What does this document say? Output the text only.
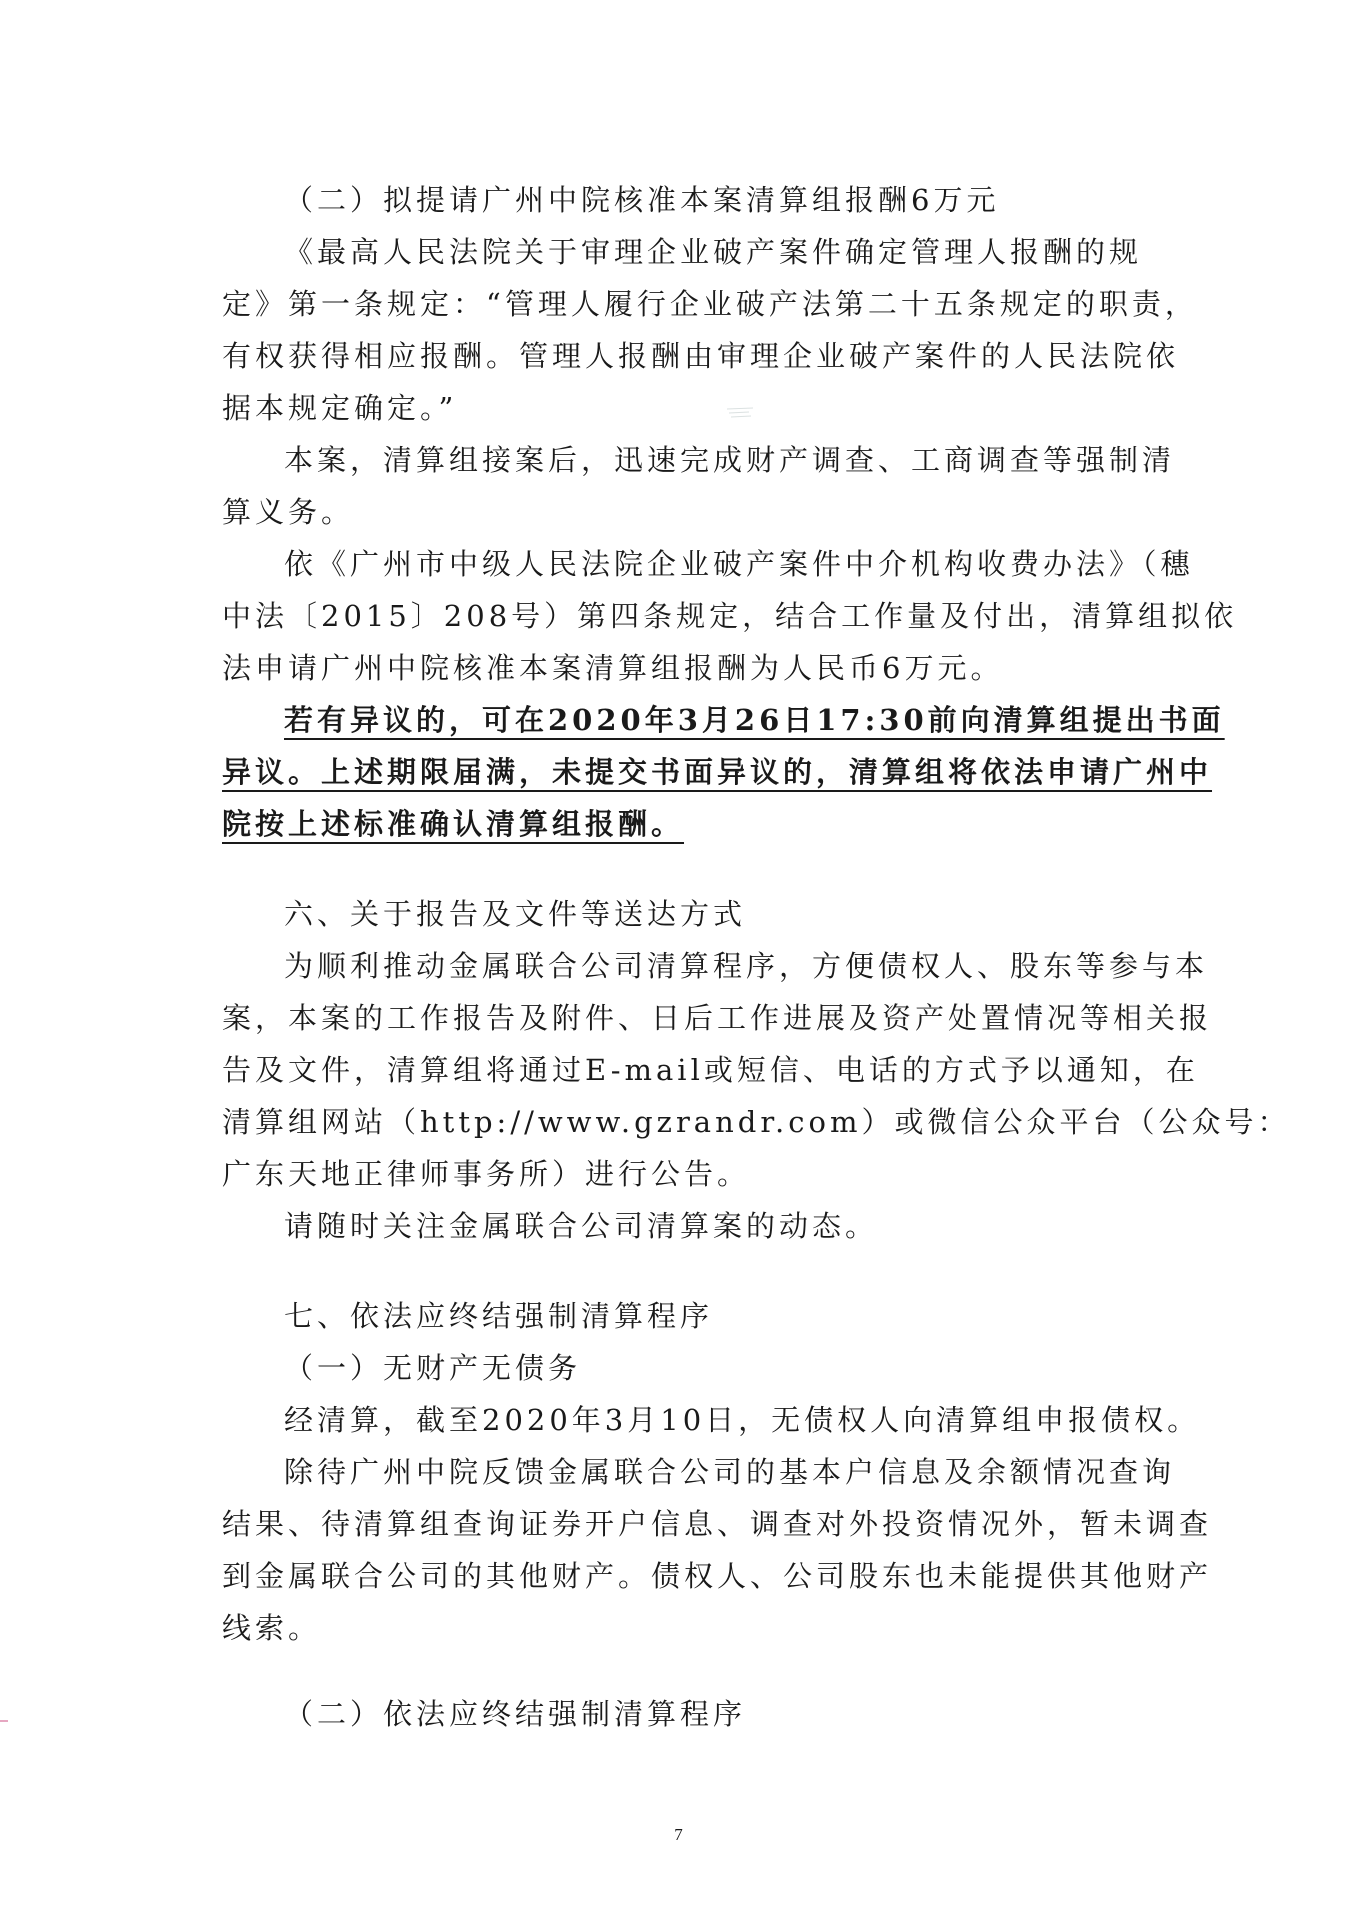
（二）拟提请广州中院核准本案清算组报酬6万元
《最高人民法院关于审理企业破产案件确定管理人报酬的规
定》第一条规定：“管理人履行企业破产法第二十五条规定的职责，
有权获得相应报酬。管理人报酬由审理企业破产案件的人民法院依
据本规定确定。”
本案，清算组接案后，迅速完成财产调查、工商调查等强制清
算义务。
依《广州市中级人民法院企业破产案件中介机构收费办法》（穗
中法〔2015〕208号）第四条规定，结合工作量及付出，清算组拟依
法申请广州中院核准本案清算组报酬为人民币6万元。
若有异议的，可在2020年3月26日17:30前向清算组提出书面
异议。上述期限届满，未提交书面异议的，清算组将依法申请广州中
院按上述标准确认清算组报酬。
六、关于报告及文件等送达方式
为顺利推动金属联合公司清算程序，方便债权人、股东等参与本
案，本案的工作报告及附件、日后工作进展及资产处置情况等相关报
告及文件，清算组将通过E-mail或短信、电话的方式予以通知，在
清算组网站（http://www.gzrandr.com）或微信公众平台（公众号：
广东天地正律师事务所）进行公告。
请随时关注金属联合公司清算案的动态。
七、依法应终结强制清算程序
（一）无财产无债务
经清算，截至2020年3月10日，无债权人向清算组申报债权。
除待广州中院反馈金属联合公司的基本户信息及余额情况查询
结果、待清算组查询证券开户信息、调查对外投资情况外，暂未调查
到金属联合公司的其他财产。债权人、公司股东也未能提供其他财产
线索。
（二）依法应终结强制清算程序
7
